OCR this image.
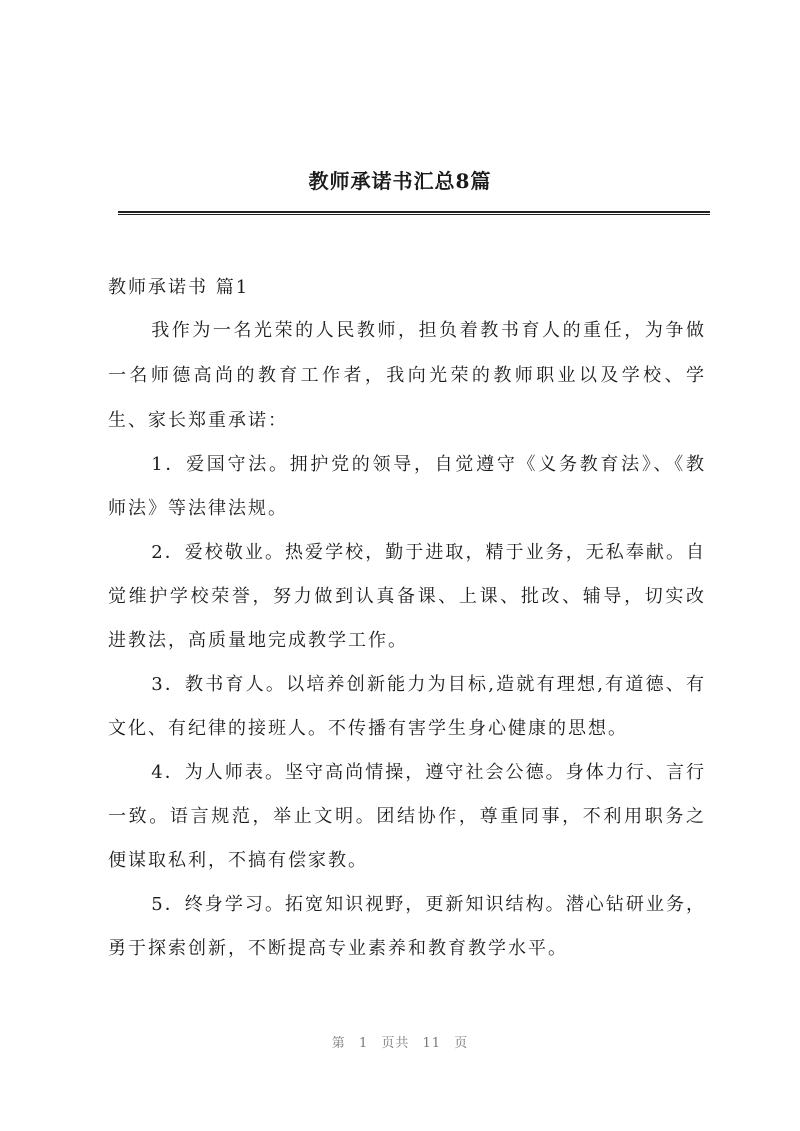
教师承诺书汇总8篇

教师承诺书 篇1

我作为一名光荣的人民教师，担负着教书育人的重任，为争做一名师德高尚的教育工作者，我向光荣的教师职业以及学校、学生、家长郑重承诺：

1．爱国守法。拥护党的领导，自觉遵守《义务教育法》、《教师法》等法律法规。

2．爱校敬业。热爱学校，勤于进取，精于业务，无私奉献。自觉维护学校荣誉，努力做到认真备课、上课、批改、辅导，切实改进教法，高质量地完成教学工作。

3．教书育人。以培养创新能力为目标,造就有理想,有道德、有文化、有纪律的接班人。不传播有害学生身心健康的思想。

4．为人师表。坚守高尚情操，遵守社会公德。身体力行、言行一致。语言规范，举止文明。团结协作，尊重同事，不利用职务之便谋取私利，不搞有偿家教。

5．终身学习。拓宽知识视野，更新知识结构。潜心钻研业务，勇于探索创新，不断提高专业素养和教育教学水平。

第 1 页共 11 页
